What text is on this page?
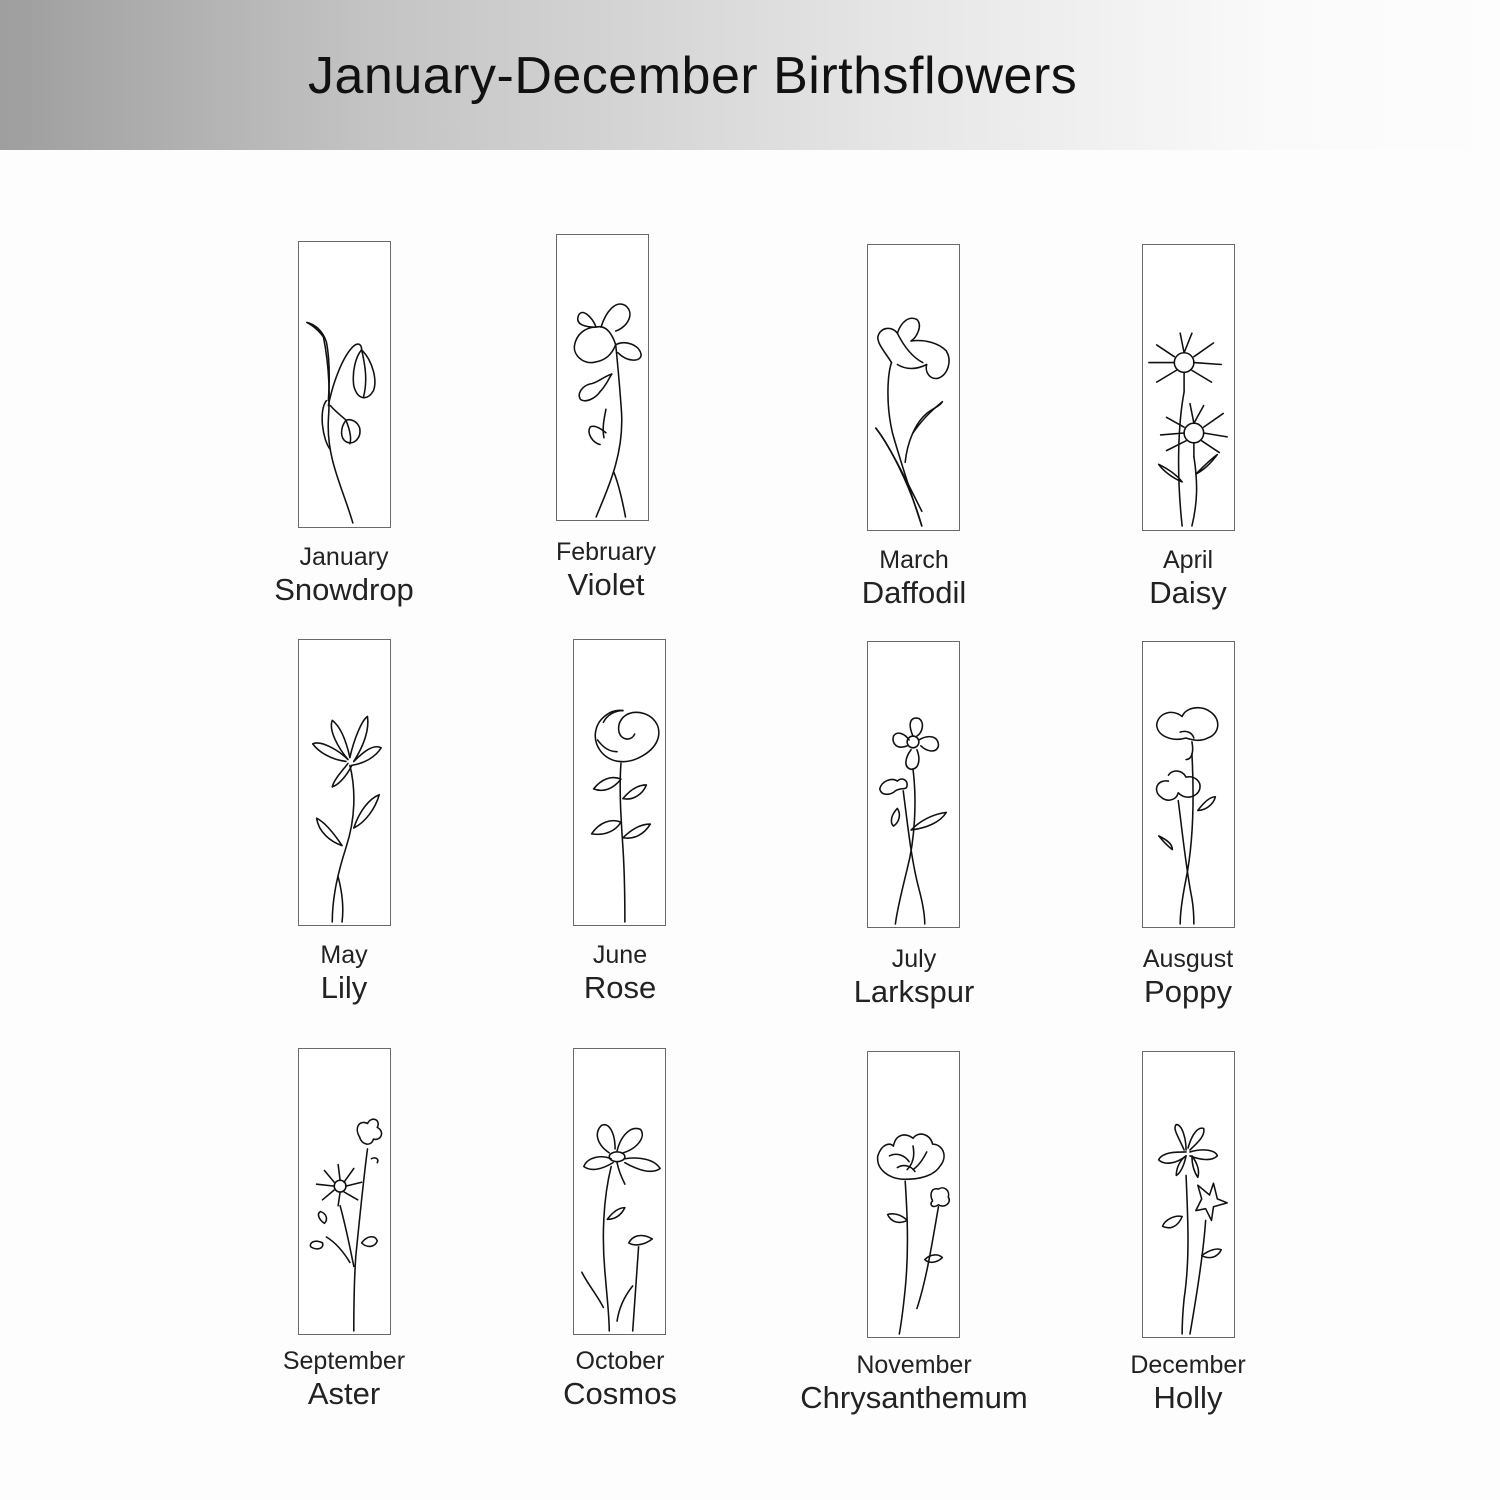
January-December Birthsflowers
January
Snowdrop
February
Violet
March
Daffodil
April
Daisy
May
Lily
June
Rose
July
Larkspur
Ausgust
Poppy
September
Aster
October
Cosmos
November
Chrysanthemum
December
Holly
